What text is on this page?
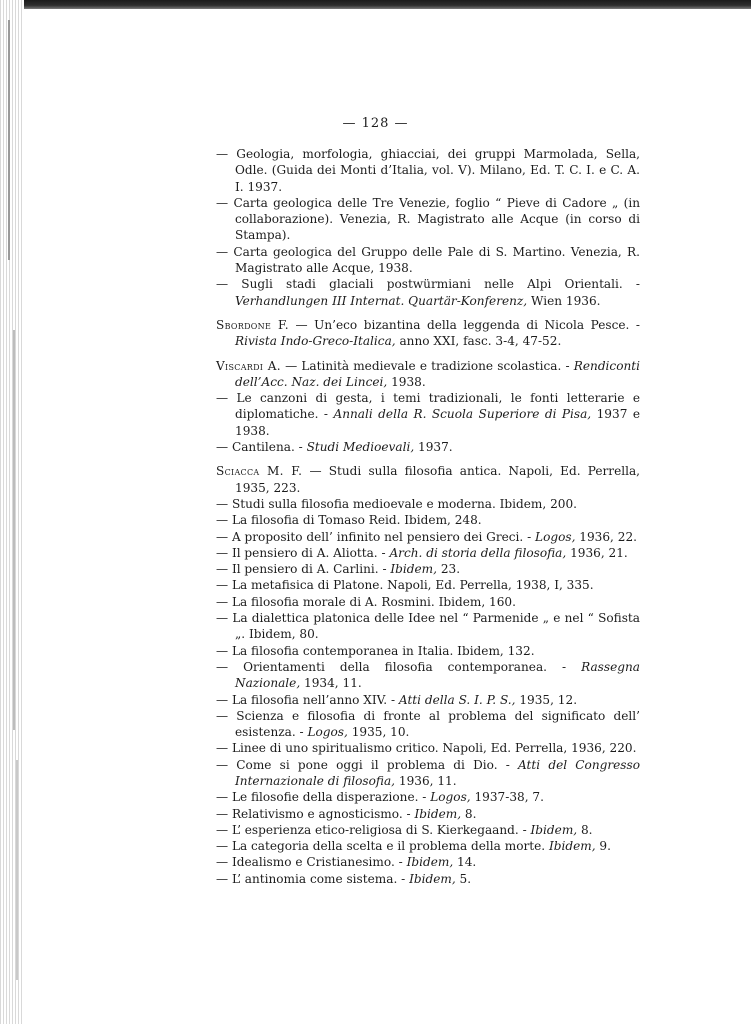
— 128 —
— Geologia, morfologia, ghiacciai, dei gruppi Marmolada, Sella, Odle. (Guida dei Monti d’Italia, vol. V). Milano, Ed. T. C. I. e C. A. I. 1937.
— Carta geologica delle Tre Venezie, foglio “ Pieve di Cadore „ (in collaborazione). Venezia, R. Magistrato alle Acque (in corso di Stampa).
— Carta geologica del Gruppo delle Pale di S. Martino. Venezia, R. Magistrato alle Acque, 1938.
— Sugli stadi glaciali postwürmiani nelle Alpi Orientali. - Verhandlungen III Internat. Quartär-Konferenz, Wien 1936.
Sbordone F. — Un’eco bizantina della leggenda di Nicola Pesce. - Rivista Indo-Greco-Italica, anno XXI, fasc. 3-4, 47-52.
Viscardi A. — Latinità medievale e tradizione scolastica. - Rendiconti dell’Acc. Naz. dei Lincei, 1938.
— Le canzoni di gesta, i temi tradizionali, le fonti letterarie e diplomatiche. - Annali della R. Scuola Superiore di Pisa, 1937 e 1938.
— Cantilena. - Studi Medioevali, 1937.
Sciacca M. F. — Studi sulla filosofia antica. Napoli, Ed. Perrella, 1935, 223.
— Studi sulla filosofia medioevale e moderna. Ibidem, 200.
— La filosofia di Tomaso Reid. Ibidem, 248.
— A proposito dell’ infinito nel pensiero dei Greci. - Logos, 1936, 22.
— Il pensiero di A. Aliotta. - Arch. di storia della filosofia, 1936, 21.
— Il pensiero di A. Carlini. - Ibidem, 23.
— La metafisica di Platone. Napoli, Ed. Perrella, 1938, I, 335.
— La filosofia morale di A. Rosmini. Ibidem, 160.
— La dialettica platonica delle Idee nel “ Parmenide „ e nel “ Sofista „. Ibidem, 80.
— La filosofia contemporanea in Italia. Ibidem, 132.
— Orientamenti della filosofia contemporanea. - Rassegna Nazionale, 1934, 11.
— La filosofia nell’anno XIV. - Atti della S. I. P. S., 1935, 12.
— Scienza e filosofia di fronte al problema del significato dell’ esistenza. - Logos, 1935, 10.
— Linee di uno spiritualismo critico. Napoli, Ed. Perrella, 1936, 220.
— Come si pone oggi il problema di Dio. - Atti del Congresso Internazionale di filosofia, 1936, 11.
— Le filosofie della disperazione. - Logos, 1937-38, 7.
— Relativismo e agnosticismo. - Ibidem, 8.
— L’ esperienza etico-religiosa di S. Kierkegaand. - Ibidem, 8.
— La categoria della scelta e il problema della morte. Ibidem, 9.
— Idealismo e Cristianesimo. - Ibidem, 14.
— L’ antinomia come sistema. - Ibidem, 5.
